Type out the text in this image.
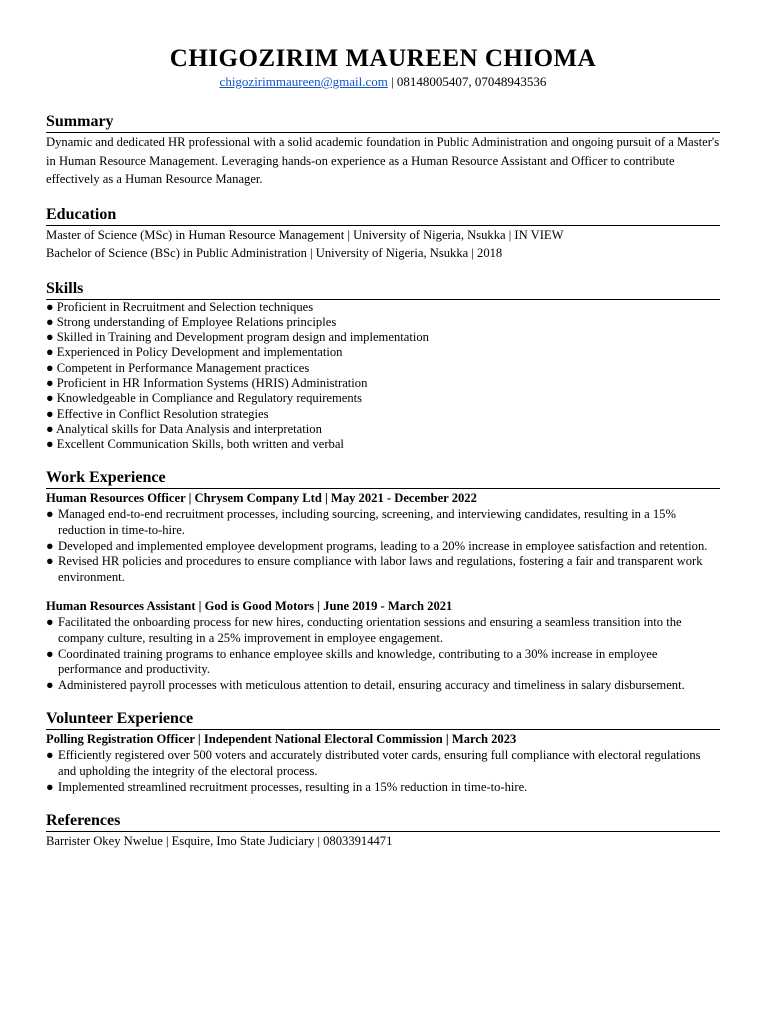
CHIGOZIRIM MAUREEN CHIOMA
chigozirimmaureen@gmail.com | 08148005407, 07048943536
Summary

Dynamic and dedicated HR professional with a solid academic foundation in Public Administration and ongoing pursuit of a Master's in Human Resource Management. Leveraging hands-on experience as a Human Resource Assistant and Officer to contribute effectively as a Human Resource Manager.

Education

Master of Science (MSc) in Human Resource Management | University of Nigeria, Nsukka | IN VIEW

Bachelor of Science (BSc) in Public Administration | University of Nigeria, Nsukka | 2018

Skills

● Proficient in Recruitment and Selection techniques

● Strong understanding of Employee Relations principles

● Skilled in Training and Development program design and implementation

● Experienced in Policy Development and implementation

● Competent in Performance Management practices

● Proficient in HR Information Systems (HRIS) Administration

● Knowledgeable in Compliance and Regulatory requirements

● Effective in Conflict Resolution strategies

● Analytical skills for Data Analysis and interpretation

● Excellent Communication Skills, both written and verbal

Work Experience

Human Resources Officer | Chrysem Company Ltd | May 2021 - December 2022

● Managed end-to-end recruitment processes, including sourcing, screening, and interviewing candidates, resulting in a 15% reduction in time-to-hire.
● Developed and implemented employee development programs, leading to a 20% increase in employee satisfaction and retention.
● Revised HR policies and procedures to ensure compliance with labor laws and regulations, fostering a fair and transparent work environment.

Human Resources Assistant | God is Good Motors | June 2019 - March 2021

● Facilitated the onboarding process for new hires, conducting orientation sessions and ensuring a seamless transition into the company culture, resulting in a 25% improvement in employee engagement.
● Coordinated training programs to enhance employee skills and knowledge, contributing to a 30% increase in employee performance and productivity.
● Administered payroll processes with meticulous attention to detail, ensuring accuracy and timeliness in salary disbursement.
Volunteer Experience

Polling Registration Officer | Independent National Electoral Commission | March 2023

● Efficiently registered over 500 voters and accurately distributed voter cards, ensuring full compliance with electoral regulations and upholding the integrity of the electoral process.
● Implemented streamlined recruitment processes, resulting in a 15% reduction in time-to-hire.
References

Barrister Okey Nwelue | Esquire, Imo State Judiciary | 08033914471
